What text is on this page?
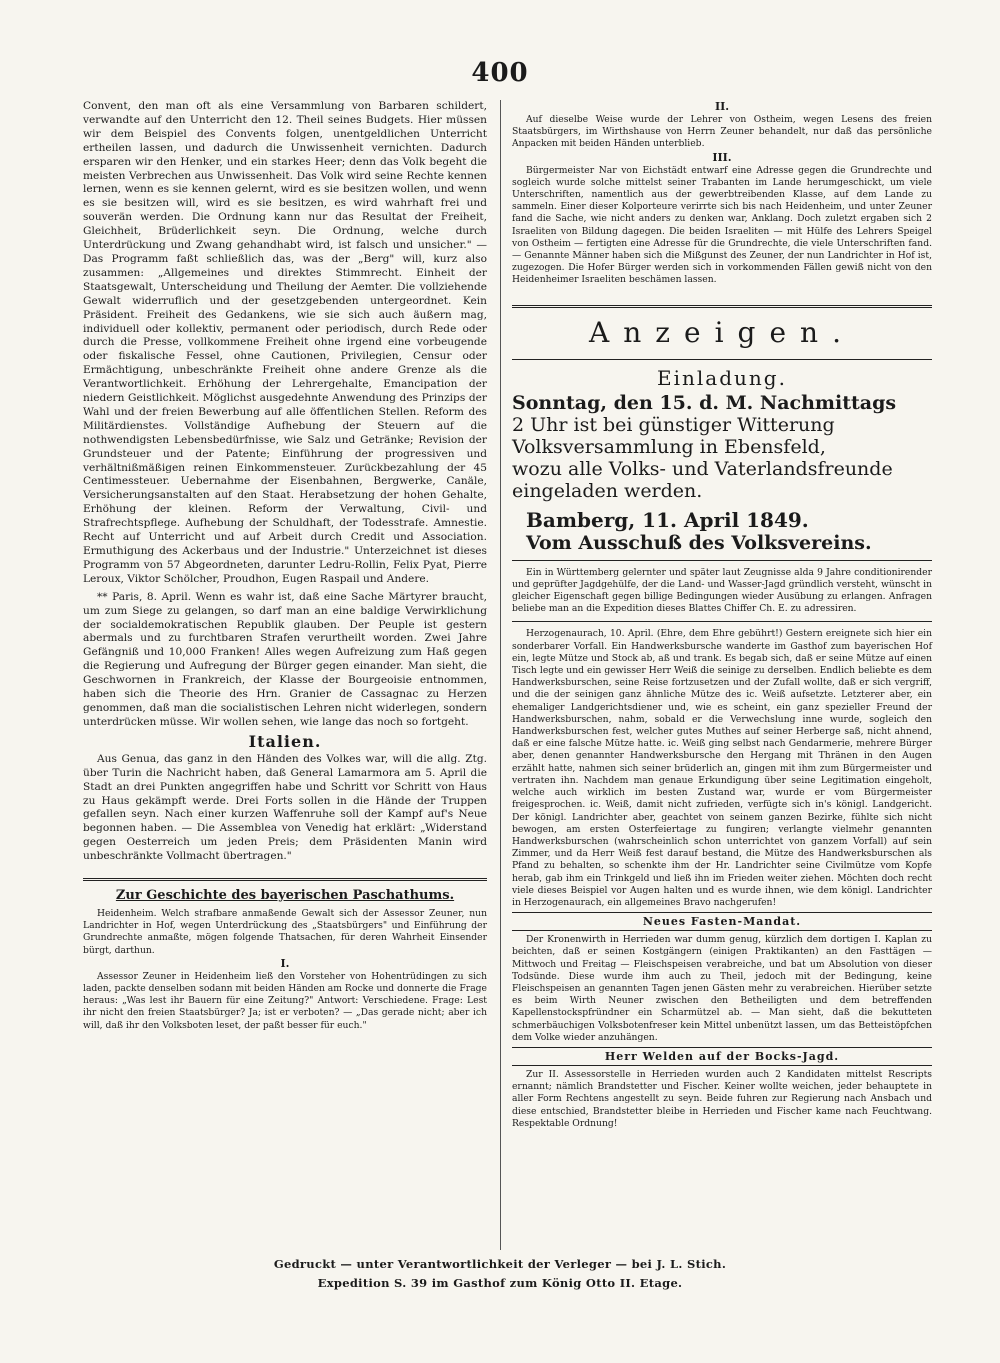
400

Convent, den man oft als eine Versammlung von Barbaren schildert, verwandte auf den Unterricht den 12. Theil seines Budgets. Hier müssen wir dem Beispiel des Convents folgen, unentgeldlichen Unterricht ertheilen lassen, und dadurch die Unwissenheit vernichten. Dadurch ersparen wir den Henker, und ein starkes Heer; denn das Volk begeht die meisten Verbrechen aus Unwissenheit. Das Volk wird seine Rechte kennen lernen, wenn es sie kennen gelernt, wird es sie besitzen wollen, und wenn es sie besitzen will, wird es sie besitzen, es wird wahrhaft frei und souverän werden. Die Ordnung kann nur das Resultat der Freiheit, Gleichheit, Brüderlichkeit seyn. Die Ordnung, welche durch Unterdrückung und Zwang gehandhabt wird, ist falsch und unsicher." — Das Programm faßt schließlich das, was der „Berg" will, kurz also zusammen: „Allgemeines und direktes Stimmrecht. Einheit der Staatsgewalt, Unterscheidung und Theilung der Aemter. Die vollziehende Gewalt widerruflich und der gesetzgebenden untergeordnet. Kein Präsident. Freiheit des Gedankens, wie sie sich auch äußern mag, individuell oder kollektiv, permanent oder periodisch, durch Rede oder durch die Presse, vollkommene Freiheit ohne irgend eine vorbeugende oder fiskalische Fessel, ohne Cautionen, Privilegien, Censur oder Ermächtigung, unbeschränkte Freiheit ohne andere Grenze als die Verantwortlichkeit. Erhöhung der Lehrergehalte, Emancipation der niedern Geistlichkeit. Möglichst ausgedehnte Anwendung des Prinzips der Wahl und der freien Bewerbung auf alle öffentlichen Stellen. Reform des Militärdienstes. Vollständige Aufhebung der Steuern auf die nothwendigsten Lebensbedürfnisse, wie Salz und Getränke; Revision der Grundsteuer und der Patente; Einführung der progressiven und verhältnißmäßigen reinen Einkommensteuer. Zurückbezahlung der 45 Centimessteuer. Uebernahme der Eisenbahnen, Bergwerke, Canäle, Versicherungsanstalten auf den Staat. Herabsetzung der hohen Gehalte, Erhöhung der kleinen. Reform der Verwaltung, Civil- und Strafrechtspflege. Aufhebung der Schuldhaft, der Todesstrafe. Amnestie. Recht auf Unterricht und auf Arbeit durch Credit und Association. Ermuthigung des Ackerbaus und der Industrie." Unterzeichnet ist dieses Programm von 57 Abgeordneten, darunter Ledru-Rollin, Felix Pyat, Pierre Leroux, Viktor Schölcher, Proudhon, Eugen Raspail und Andere.

** Paris, 8. April. Wenn es wahr ist, daß eine Sache Märtyrer braucht, um zum Siege zu gelangen, so darf man an eine baldige Verwirklichung der socialdemokratischen Republik glauben. Der Peuple ist gestern abermals und zu furchtbaren Strafen verurtheilt worden. Zwei Jahre Gefängniß und 10,000 Franken! Alles wegen Aufreizung zum Haß gegen die Regierung und Aufregung der Bürger gegen einander. Man sieht, die Geschwornen in Frankreich, der Klasse der Bourgeoisie entnommen, haben sich die Theorie des Hrn. Granier de Cassagnac zu Herzen genommen, daß man die socialistischen Lehren nicht widerlegen, sondern unterdrücken müsse. Wir wollen sehen, wie lange das noch so fortgeht.

Italien.

Aus Genua, das ganz in den Händen des Volkes war, will die allg. Ztg. über Turin die Nachricht haben, daß General Lamarmora am 5. April die Stadt an drei Punkten angegriffen habe und Schritt vor Schritt von Haus zu Haus gekämpft werde. Drei Forts sollen in die Hände der Truppen gefallen seyn. Nach einer kurzen Waffenruhe soll der Kampf auf's Neue begonnen haben. — Die Assemblea von Venedig hat erklärt: „Widerstand gegen Oesterreich um jeden Preis; dem Präsidenten Manin wird unbeschränkte Vollmacht übertragen."

Zur Geschichte des bayerischen Paschathums.

Heidenheim. Welch strafbare anmaßende Gewalt sich der Assessor Zeuner, nun Landrichter in Hof, wegen Unterdrückung des „Staatsbürgers" und Einführung der Grundrechte anmaßte, mögen folgende Thatsachen, für deren Wahrheit Einsender bürgt, darthun.

I.

Assessor Zeuner in Heidenheim ließ den Vorsteher von Hohentrüdingen zu sich laden, packte denselben sodann mit beiden Händen am Rocke und donnerte die Frage heraus: „Was lest ihr Bauern für eine Zeitung?" Antwort: Verschiedene. Frage: Lest ihr nicht den freien Staatsbürger? Ja; ist er verboten? — „Das gerade nicht; aber ich will, daß ihr den Volksboten leset, der paßt besser für euch."

II.

Auf dieselbe Weise wurde der Lehrer von Ostheim, wegen Lesens des freien Staatsbürgers, im Wirthshause von Herrn Zeuner behandelt, nur daß das persönliche Anpacken mit beiden Händen unterblieb.

III.

Bürgermeister Nar von Eichstädt entwarf eine Adresse gegen die Grundrechte und sogleich wurde solche mittelst seiner Trabanten im Lande herumgeschickt, um viele Unterschriften, namentlich aus der gewerbtreibenden Klasse, auf dem Lande zu sammeln. Einer dieser Kolporteure verirrte sich bis nach Heidenheim, und unter Zeuner fand die Sache, wie nicht anders zu denken war, Anklang. Doch zuletzt ergaben sich 2 Israeliten von Bildung dagegen. Die beiden Israeliten — mit Hülfe des Lehrers Speigel von Ostheim — fertigten eine Adresse für die Grundrechte, die viele Unterschriften fand. — Genannte Männer haben sich die Mißgunst des Zeuner, der nun Landrichter in Hof ist, zugezogen. Die Hofer Bürger werden sich in vorkommenden Fällen gewiß nicht von den Heidenheimer Israeliten beschämen lassen.

Anzeigen.
Einladung.

Sonntag, den 15. d. M. Nachmittags

2 Uhr ist bei günstiger Witterung

Volksversammlung in Ebensfeld,

wozu alle Volks- und Vaterlandsfreunde

eingeladen werden.

Bamberg, 11. April 1849.

Vom Ausschuß des Volksvereins.

Ein in Württemberg gelernter und später laut Zeugnisse alda 9 Jahre conditionirender und geprüfter Jagdgehülfe, der die Land- und Wasser-Jagd gründlich versteht, wünscht in gleicher Eigenschaft gegen billige Bedingungen wieder Ausübung zu erlangen. Anfragen beliebe man an die Expedition dieses Blattes Chiffer Ch. E. zu adressiren.

Herzogenaurach, 10. April. (Ehre, dem Ehre gebührt!) Gestern ereignete sich hier ein sonderbarer Vorfall. Ein Handwerksbursche wanderte im Gasthof zum bayerischen Hof ein, legte Mütze und Stock ab, aß und trank. Es begab sich, daß er seine Mütze auf einen Tisch legte und ein gewisser Herr Weiß die seinige zu derselben. Endlich beliebte es dem Handwerksburschen, seine Reise fortzusetzen und der Zufall wollte, daß er sich vergriff, und die der seinigen ganz ähnliche Mütze des ic. Weiß aufsetzte. Letzterer aber, ein ehemaliger Landgerichtsdiener und, wie es scheint, ein ganz spezieller Freund der Handwerksburschen, nahm, sobald er die Verwechslung inne wurde, sogleich den Handwerksburschen fest, welcher gutes Muthes auf seiner Herberge saß, nicht ahnend, daß er eine falsche Mütze hatte. ic. Weiß ging selbst nach Gendarmerie, mehrere Bürger aber, denen genannter Handwerksbursche den Hergang mit Thränen in den Augen erzählt hatte, nahmen sich seiner brüderlich an, gingen mit ihm zum Bürgermeister und vertraten ihn. Nachdem man genaue Erkundigung über seine Legitimation eingeholt, welche auch wirklich im besten Zustand war, wurde er vom Bürgermeister freigesprochen. ic. Weiß, damit nicht zufrieden, verfügte sich in's königl. Landgericht. Der königl. Landrichter aber, geachtet von seinem ganzen Bezirke, fühlte sich nicht bewogen, am ersten Osterfeiertage zu fungiren; verlangte vielmehr genannten Handwerksburschen (wahrscheinlich schon unterrichtet von ganzem Vorfall) auf sein Zimmer, und da Herr Weiß fest darauf bestand, die Mütze des Handwerksburschen als Pfand zu behalten, so schenkte ihm der Hr. Landrichter seine Civilmütze vom Kopfe herab, gab ihm ein Trinkgeld und ließ ihn im Frieden weiter ziehen. Möchten doch recht viele dieses Beispiel vor Augen halten und es wurde ihnen, wie dem königl. Landrichter in Herzogenaurach, ein allgemeines Bravo nachgerufen!

Neues Fasten-Mandat.

Der Kronenwirth in Herrieden war dumm genug, kürzlich dem dortigen I. Kaplan zu beichten, daß er seinen Kostgängern (einigen Praktikanten) an den Fasttägen — Mittwoch und Freitag — Fleischspeisen verabreiche, und bat um Absolution von dieser Todsünde. Diese wurde ihm auch zu Theil, jedoch mit der Bedingung, keine Fleischspeisen an genannten Tagen jenen Gästen mehr zu verabreichen. Hierüber setzte es beim Wirth Neuner zwischen den Betheiligten und dem betreffenden Kapellenstockspfründner ein Scharmützel ab. — Man sieht, daß die bekutteten schmerbäuchigen Volksbotenfreser kein Mittel unbenützt lassen, um das Betteistöpfchen dem Volke wieder anzuhängen.

Herr Welden auf der Bocks-Jagd.

Zur II. Assessorstelle in Herrieden wurden auch 2 Kandidaten mittelst Rescripts ernannt; nämlich Brandstetter und Fischer. Keiner wollte weichen, jeder behauptete in aller Form Rechtens angestellt zu seyn. Beide fuhren zur Regierung nach Ansbach und diese entschied, Brandstetter bleibe in Herrieden und Fischer kame nach Feuchtwang. Respektable Ordnung!

Gedruckt — unter Verantwortlichkeit der Verleger — bei J. L. Stich.
Expedition S. 39 im Gasthof zum König Otto II. Etage.
